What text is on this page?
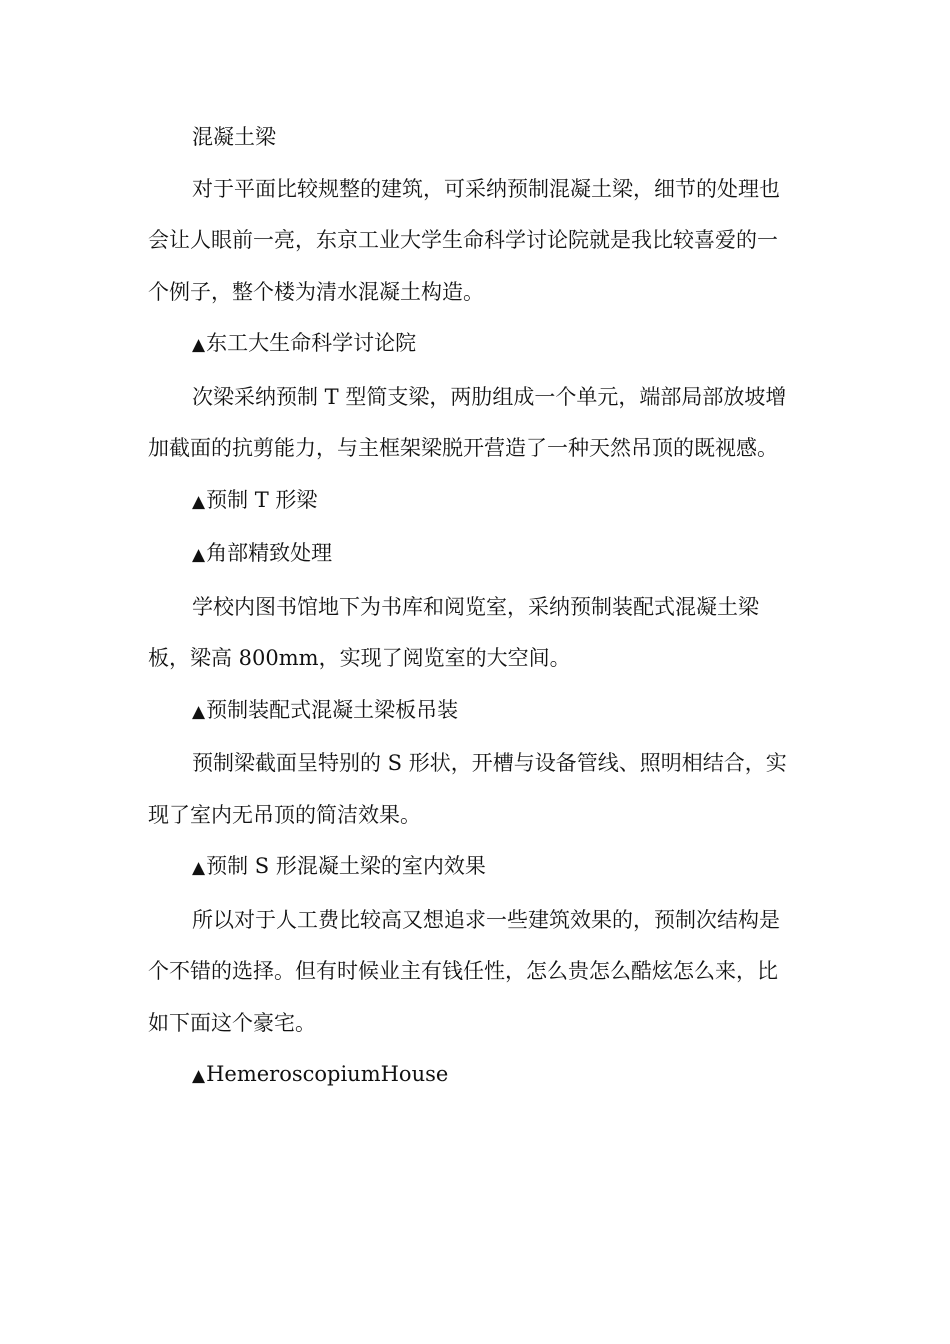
混凝土梁

对于平面比较规整的建筑，可采纳预制混凝土梁，细节的处理也会让人眼前一亮，东京工业大学生命科学讨论院就是我比较喜爱的一个例子，整个楼为清水混凝土构造。

▲东工大生命科学讨论院

次梁采纳预制 T 型简支梁，两肋组成一个单元，端部局部放坡增加截面的抗剪能力，与主框架梁脱开营造了一种天然吊顶的既视感。

▲预制 T 形梁

▲角部精致处理

学校内图书馆地下为书库和阅览室，采纳预制装配式混凝土梁板，梁高 800mm，实现了阅览室的大空间。

▲预制装配式混凝土梁板吊装

预制梁截面呈特别的 S 形状，开槽与设备管线、照明相结合，实现了室内无吊顶的简洁效果。

▲预制 S 形混凝土梁的室内效果

所以对于人工费比较高又想追求一些建筑效果的，预制次结构是个不错的选择。但有时候业主有钱任性，怎么贵怎么酷炫怎么来，比如下面这个豪宅。

▲HemeroscopiumHouse
